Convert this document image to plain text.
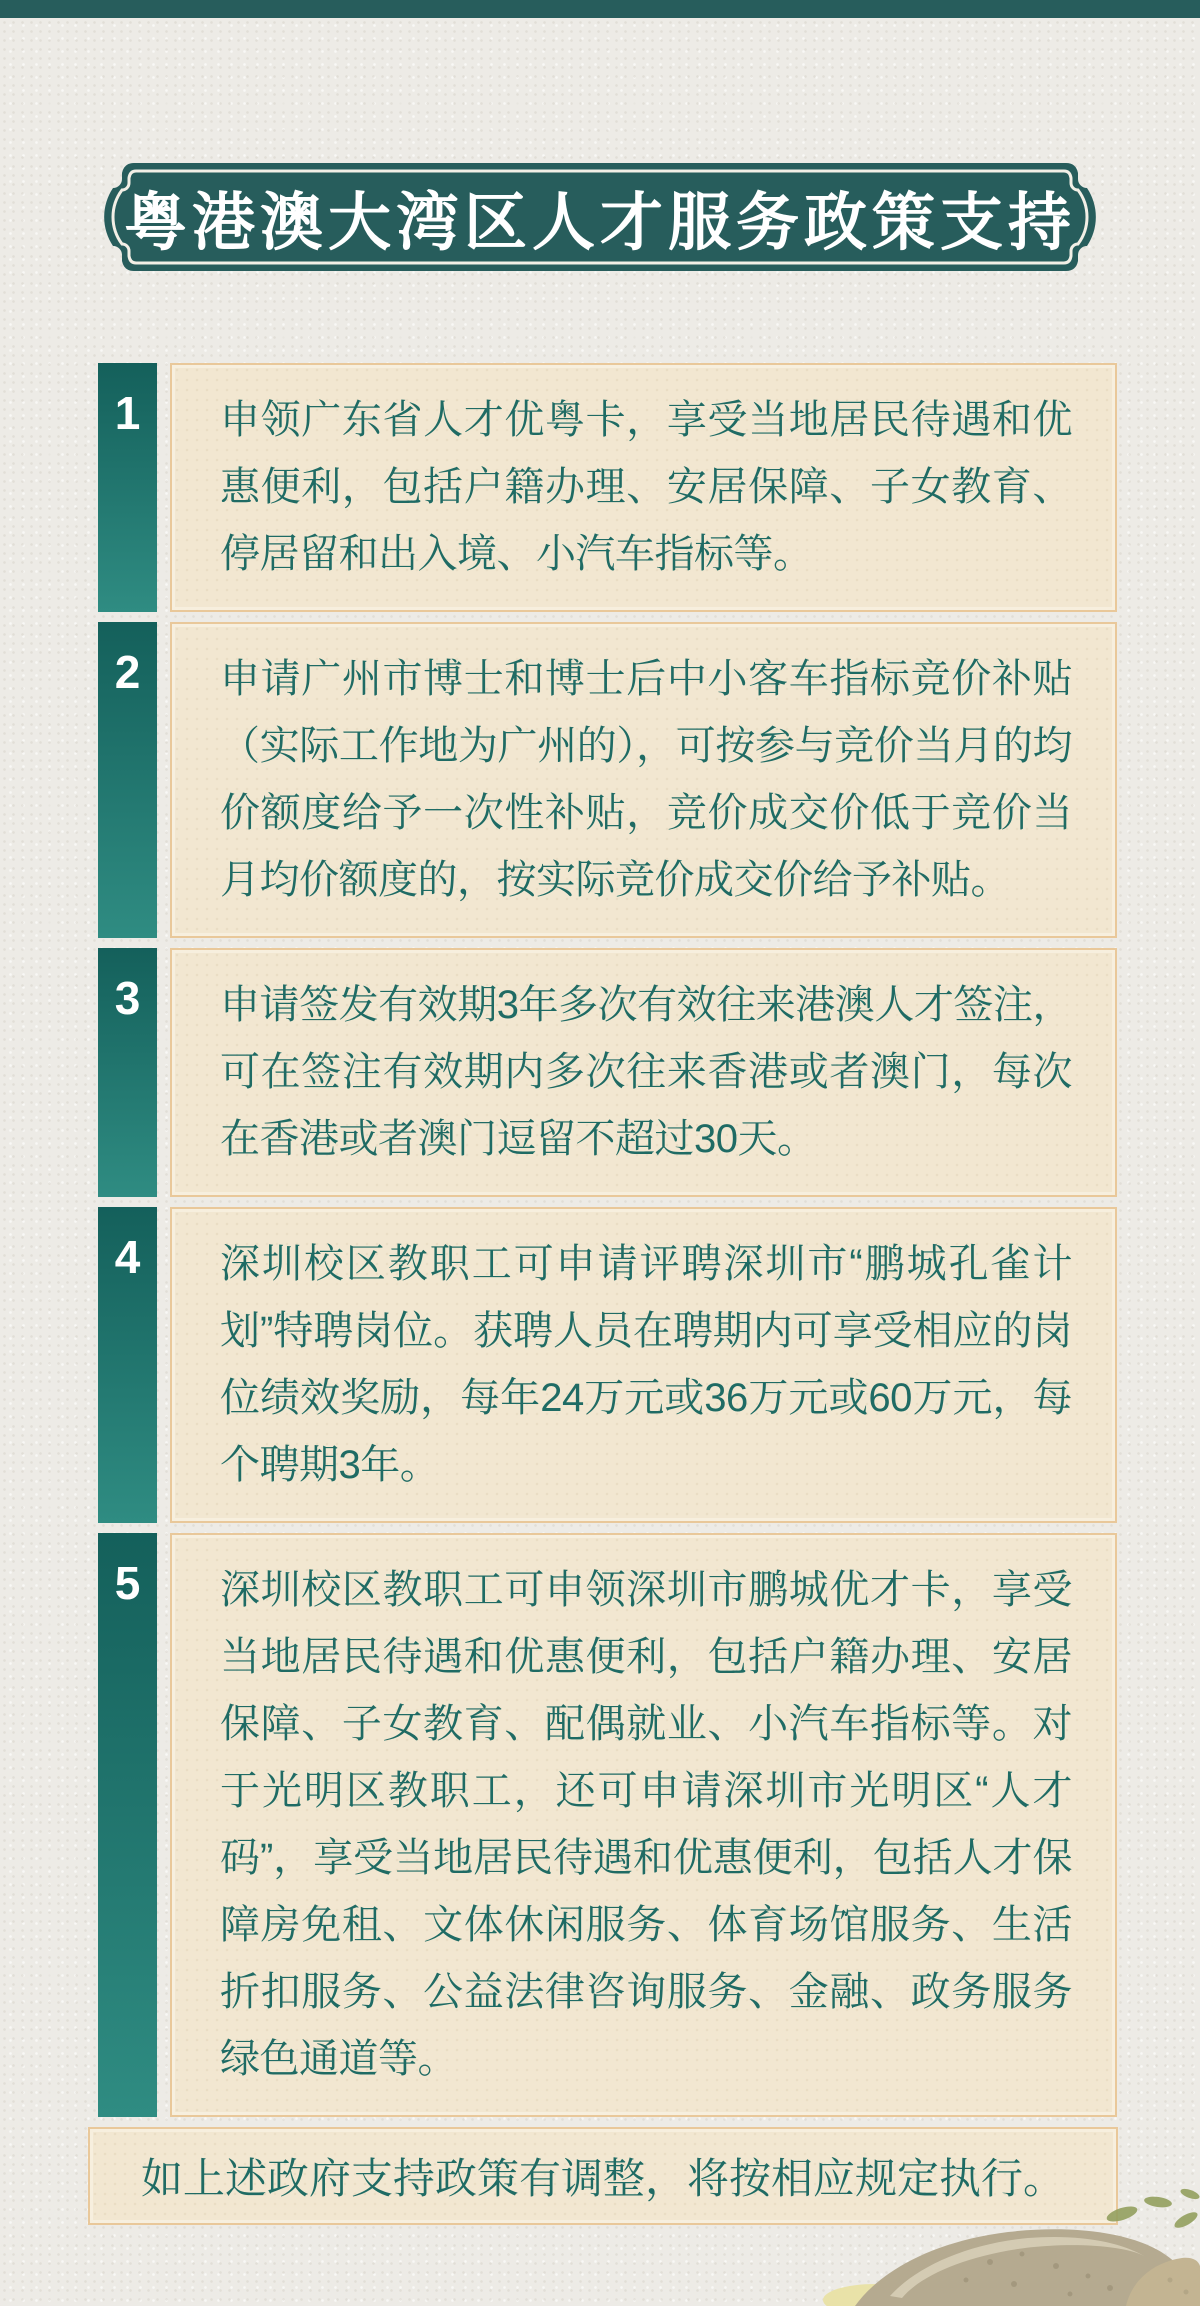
粤港澳大湾区人才服务政策支持
1	申领广东省人才优粤卡，享受当地居民待遇和优惠便利，包括户籍办理、安居保障、子女教育、停居留和出入境、小汽车指标等。

2	申请广州市博士和博士后中小客车指标竞价补贴（实际工作地为广州的），可按参与竞价当月的均价额度给予一次性补贴，竞价成交价低于竞价当月均价额度的，按实际竞价成交价给予补贴。

3	申请签发有效期3年多次有效往来港澳人才签注，可在签注有效期内多次往来香港或者澳门，每次在香港或者澳门逗留不超过30天。

4	深圳校区教职工可申请评聘深圳市“鹏城孔雀计划”特聘岗位。获聘人员在聘期内可享受相应的岗位绩效奖励，每年24万元或36万元或60万元，每个聘期3年。

5	深圳校区教职工可申领深圳市鹏城优才卡，享受当地居民待遇和优惠便利，包括户籍办理、安居保障、子女教育、配偶就业、小汽车指标等。对于光明区教职工，还可申请深圳市光明区“人才码”，享受当地居民待遇和优惠便利，包括人才保障房免租、文体休闲服务、体育场馆服务、生活折扣服务、公益法律咨询服务、金融、政务服务绿色通道等。

如上述政府支持政策有调整，将按相应规定执行。
